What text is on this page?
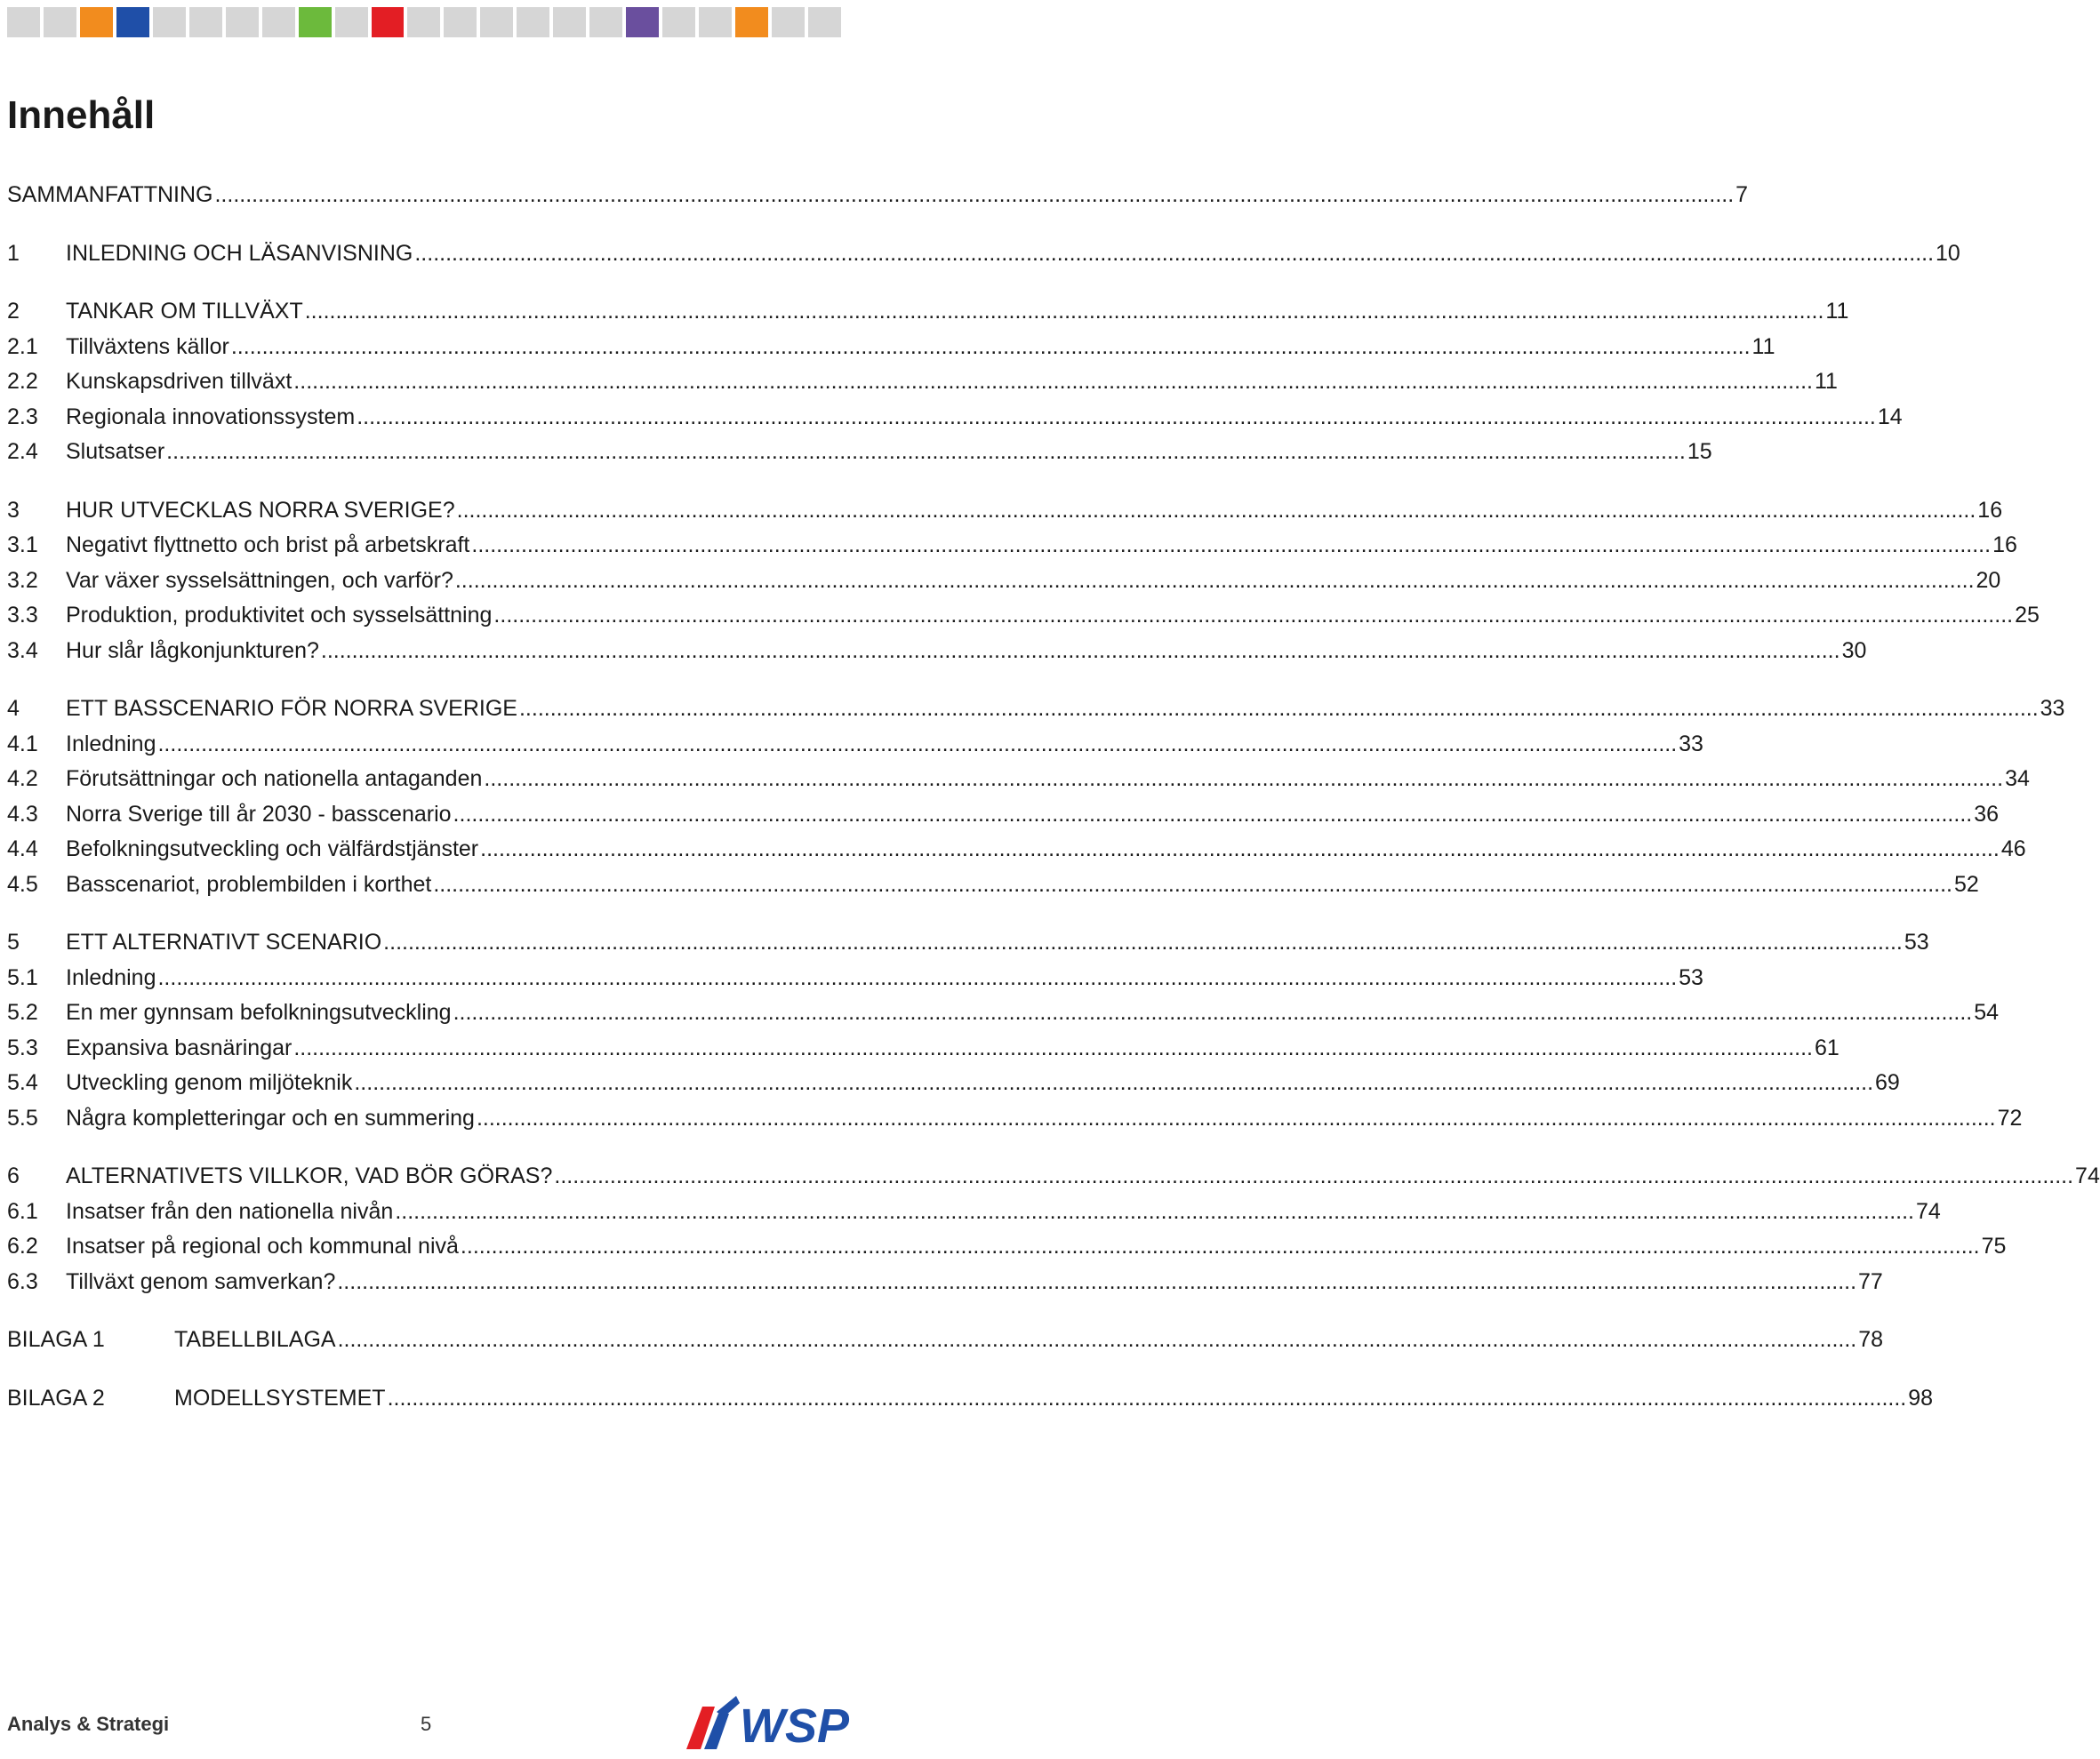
Innehåll
SAMMANFATTNING .....	7
1	INLEDNING OCH LÄSANVISNING .....	10
2	TANKAR OM TILLVÄXT .....	11
2.1	Tillväxtens källor .....	11
2.2	Kunskapsdriven tillväxt .....	11
2.3	Regionala innovationssystem .....	14
2.4	Slutsatser .....	15
3	HUR UTVECKLAS NORRA SVERIGE? .....	16
3.1	Negativt flyttnetto och brist på arbetskraft .....	16
3.2	Var växer sysselsättningen, och varför? .....	20
3.3	Produktion, produktivitet och sysselsättning .....	25
3.4	Hur slår lågkonjunkturen? .....	30
4	ETT BASSCENARIO FÖR NORRA SVERIGE .....	33
4.1	Inledning .....	33
4.2	Förutsättningar och nationella antaganden .....	34
4.3	Norra Sverige till år 2030 - basscenario .....	36
4.4	Befolkningsutveckling och välfärdstjänster .....	46
4.5	Basscenariot, problembilden i korthet .....	52
5	ETT ALTERNATIVT SCENARIO .....	53
5.1	Inledning .....	53
5.2	En mer gynnsam befolkningsutveckling .....	54
5.3	Expansiva basnäringar .....	61
5.4	Utveckling genom miljöteknik .....	69
5.5	Några kompletteringar och en summering .....	72
6	ALTERNATIVETS VILLKOR, VAD BÖR GÖRAS? .....	74
6.1	Insatser från den nationella nivån .....	74
6.2	Insatser på regional och kommunal nivå .....	75
6.3	Tillväxt genom samverkan? .....	77
BILAGA 1	TABELLBILAGA .....	78
BILAGA 2	MODELLSYSTEMET .....	98
Analys & Strategi	5	WSP
